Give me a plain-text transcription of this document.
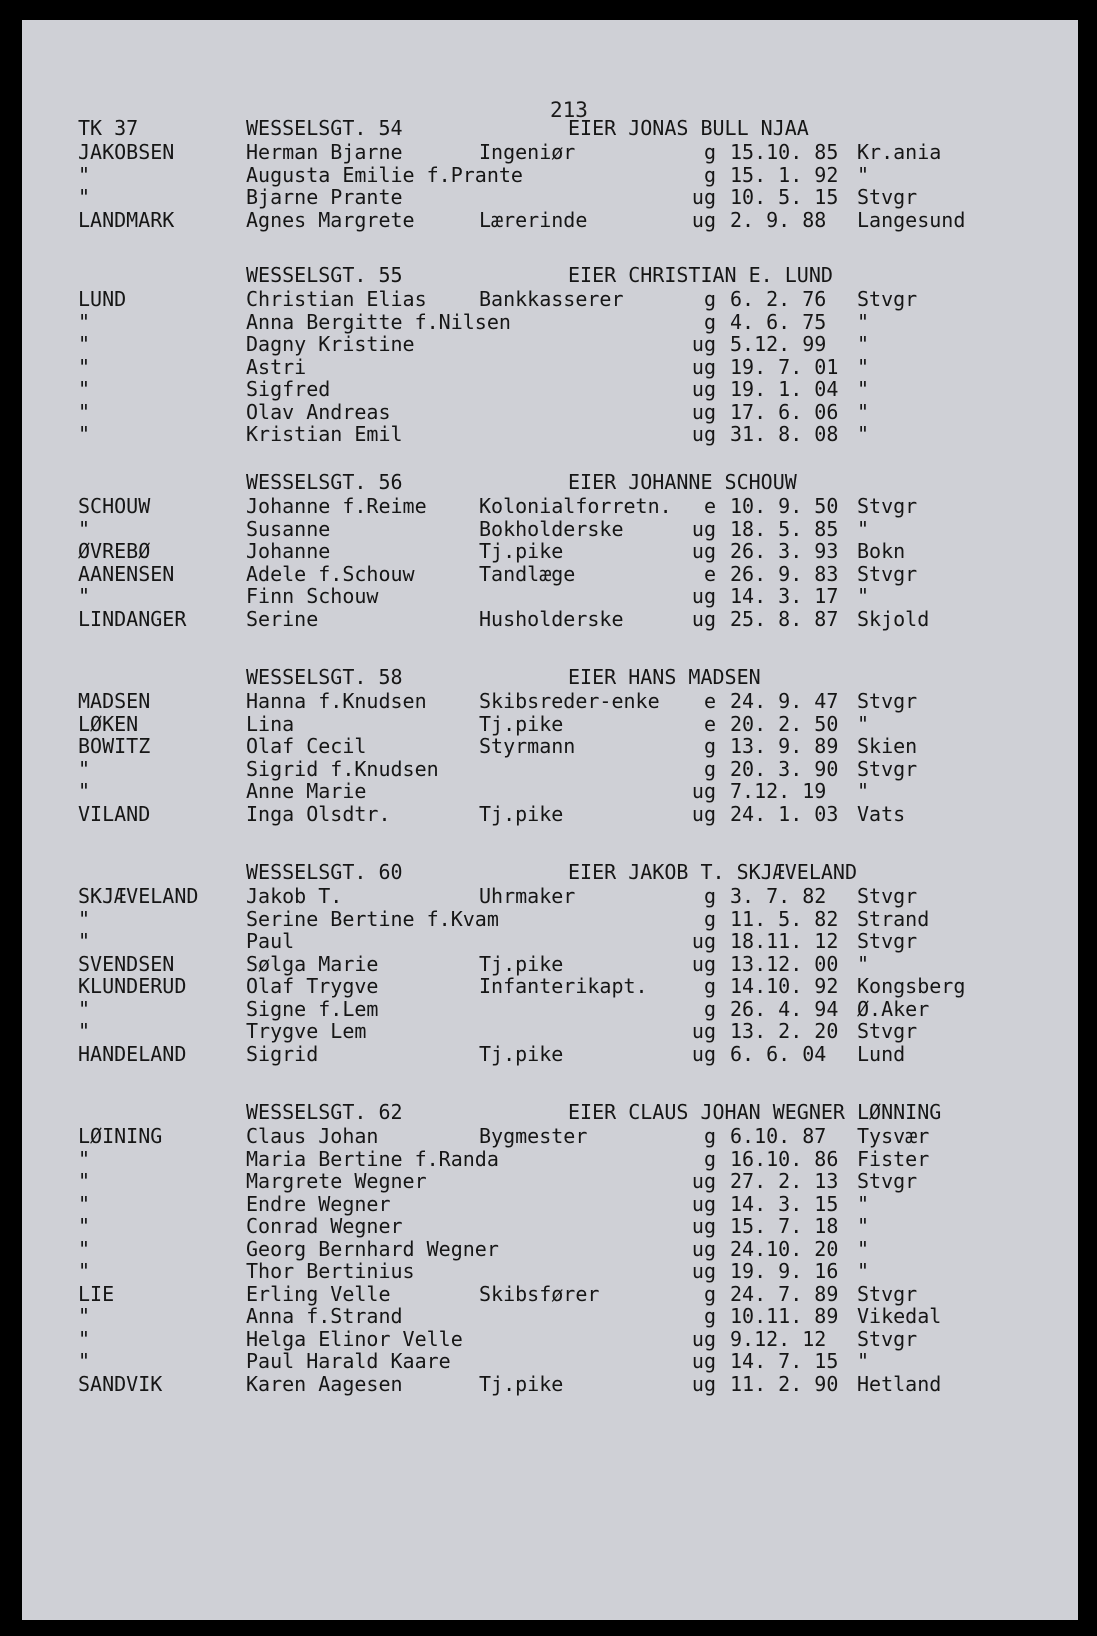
213
TK 37	WESSELSGT. 54	EIER JONAS BULL NJAA
JAKOBSEN	Herman Bjarne	Ingeniør	g 15.10. 85 Kr.ania
"	Augusta Emilie f.Prante	g 15. 1. 92 "
"	Bjarne Prante	ug 10. 5. 15 Stvgr
LANDMARK	Agnes Margrete	Lærerinde	ug 2. 9. 88 Langesund
WESSELSGT. 55	EIER CHRISTIAN E. LUND
LUND	Christian Elias	Bankkasserer	g 6. 2. 76 Stvgr
"	Anna Bergitte f.Nilsen	g 4. 6. 75 "
"	Dagny Kristine	ug 5.12. 99 "
"	Astri	ug 19. 7. 01 "
"	Sigfred	ug 19. 1. 04 "
"	Olav Andreas	ug 17. 6. 06 "
"	Kristian Emil	ug 31. 8. 08 "
WESSELSGT. 56	EIER JOHANNE SCHOUW
SCHOUW	Johanne f.Reime	Kolonialforretn.	e 10. 9. 50 Stvgr
"	Susanne	Bokholderske	ug 18. 5. 85 "
ØVREBØ	Johanne	Tj.pike	ug 26. 3. 93 Bokn
AANENSEN	Adele f.Schouw	Tandlæge	e 26. 9. 83 Stvgr
"	Finn Schouw	ug 14. 3. 17 "
LINDANGER	Serine	Husholderske	ug 25. 8. 87 Skjold
WESSELSGT. 58	EIER HANS MADSEN
MADSEN	Hanna f.Knudsen	Skibsreder-enke	e 24. 9. 47 Stvgr
LØKEN	Lina	Tj.pike	e 20. 2. 50 "
BOWITZ	Olaf Cecil	Styrmann	g 13. 9. 89 Skien
"	Sigrid f.Knudsen	g 20. 3. 90 Stvgr
"	Anne Marie	ug 7.12. 19 "
VILAND	Inga Olsdtr.	Tj.pike	ug 24. 1. 03 Vats
WESSELSGT. 60	EIER JAKOB T. SKJÆVELAND
SKJÆVELAND Jakob T.	Uhrmaker	g 3. 7. 82 Stvgr
"	Serine Bertine f.Kvam	g 11. 5. 82 Strand
"	Paul	ug 18.11. 12 Stvgr
SVENDSEN	Sølga Marie	Tj.pike	ug 13.12. 00 "
KLUNDERUD	Olaf Trygve	Infanterikapt.	g 14.10. 92 Kongsberg
"	Signe f.Lem	g 26. 4. 94 Ø.Aker
"	Trygve Lem	ug 13. 2. 20 Stvgr
HANDELAND	Sigrid	Tj.pike	ug 6. 6. 04 Lund
WESSELSGT. 62	EIER CLAUS JOHAN WEGNER LØNNING
LØINING	Claus Johan	Bygmester	g 6.10. 87 Tysvær
"	Maria Bertine f.Randa	g 16.10. 86 Fister
"	Margrete Wegner	ug 27. 2. 13 Stvgr
"	Endre Wegner	ug 14. 3. 15 "
"	Conrad Wegner	ug 15. 7. 18 "
"	Georg Bernhard Wegner	ug 24.10. 20 "
"	Thor Bertinius	ug 19. 9. 16 "
LIE	Erling Velle	Skibsfører	g 24. 7. 89 Stvgr
"	Anna f.Strand	g 10.11. 89 Vikedal
"	Helga Elinor Velle	ug 9.12. 12 Stvgr
"	Paul Harald Kaare	ug 14. 7. 15 "
SANDVIK	Karen Aagesen	Tj.pike	ug 11. 2. 90 Hetland
